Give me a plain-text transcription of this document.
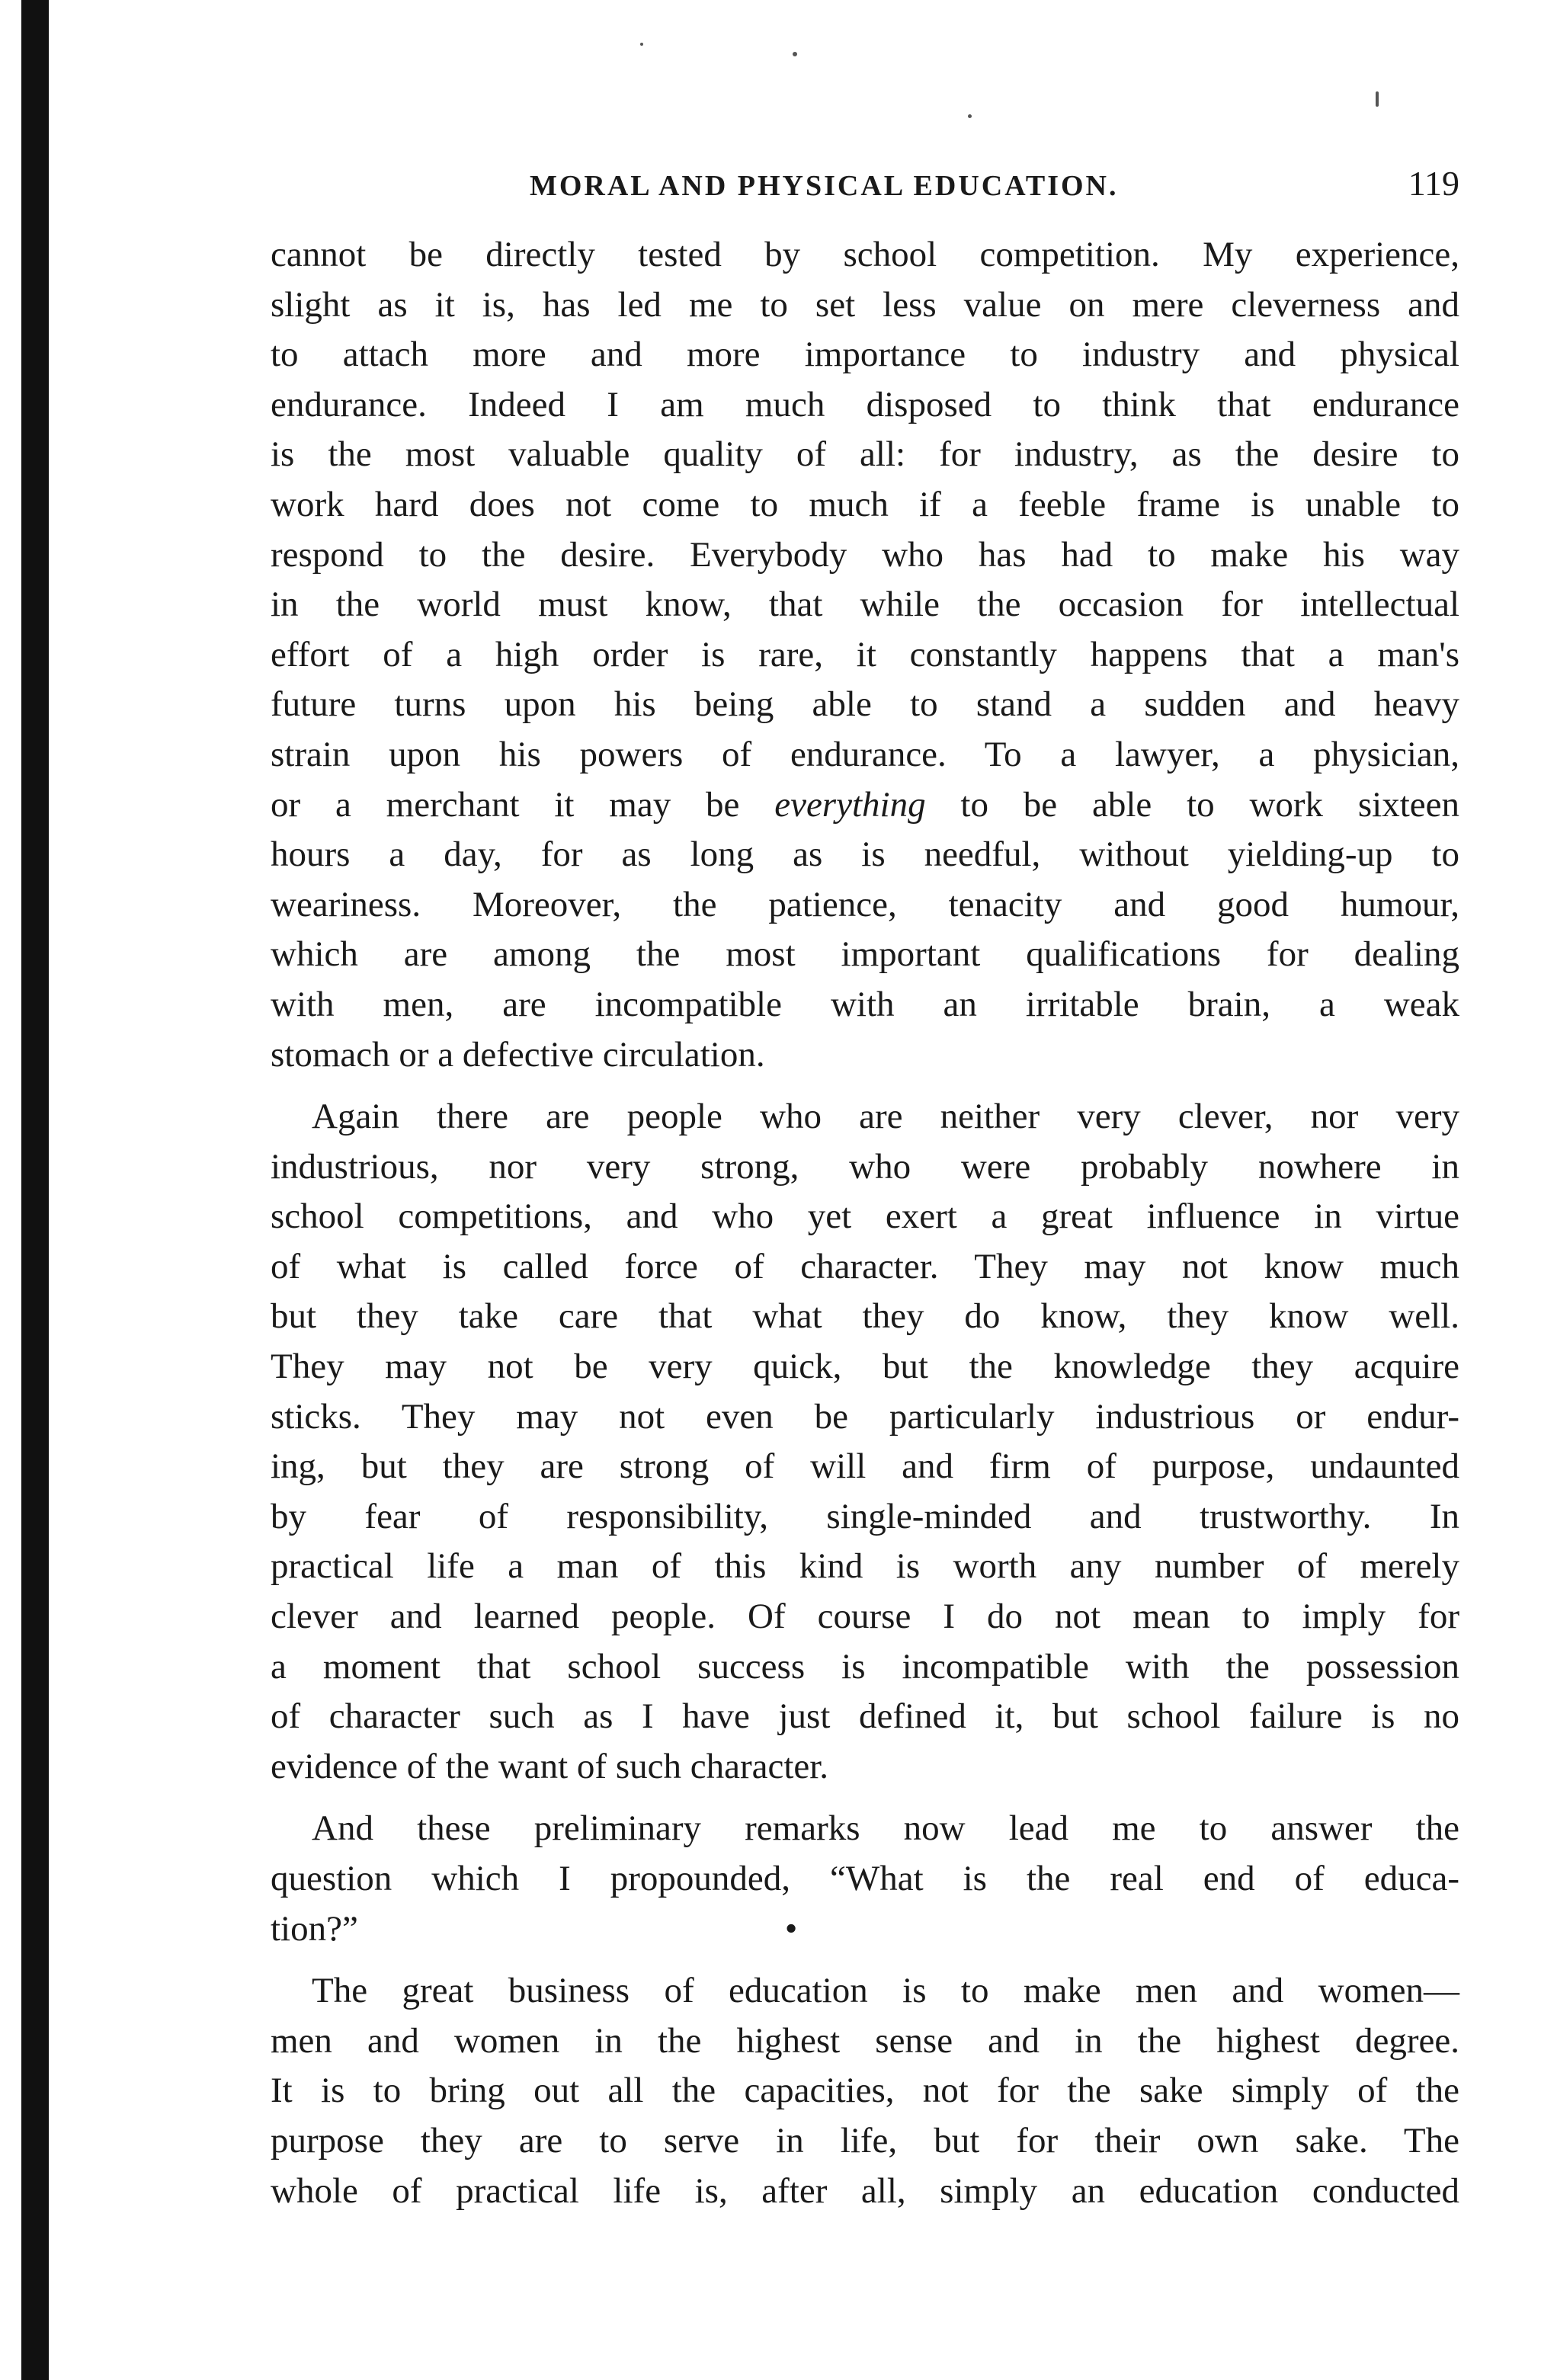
MORAL AND PHYSICAL EDUCATION.	119

cannot be directly tested by school competition. My experience,
slight as it is, has led me to set less value on mere cleverness and
to attach more and more importance to industry and physical
endurance. Indeed I am much disposed to think that endurance
is the most valuable quality of all: for industry, as the desire to
work hard does not come to much if a feeble frame is unable to
respond to the desire. Everybody who has had to make his way
in the world must know, that while the occasion for intellectual
effort of a high order is rare, it constantly happens that a man's
future turns upon his being able to stand a sudden and heavy
strain upon his powers of endurance. To a lawyer, a physician,
or a merchant it may be everything to be able to work sixteen
hours a day, for as long as is needful, without yielding-up to
weariness. Moreover, the patience, tenacity and good humour,
which are among the most important qualifications for dealing
with men, are incompatible with an irritable brain, a weak
stomach or a defective circulation.

Again there are people who are neither very clever, nor very
industrious, nor very strong, who were probably nowhere in
school competitions, and who yet exert a great influence in virtue
of what is called force of character. They may not know much
but they take care that what they do know, they know well.
They may not be very quick, but the knowledge they acquire
sticks. They may not even be particularly industrious or endur-
ing, but they are strong of will and firm of purpose, undaunted
by fear of responsibility, single-minded and trustworthy. In
practical life a man of this kind is worth any number of merely
clever and learned people. Of course I do not mean to imply for
a moment that school success is incompatible with the possession
of character such as I have just defined it, but school failure is no
evidence of the want of such character.

And these preliminary remarks now lead me to answer the
question which I propounded, “What is the real end of educa-
tion?”	•

The great business of education is to make men and women—
men and women in the highest sense and in the highest degree.
It is to bring out all the capacities, not for the sake simply of the
purpose they are to serve in life, but for their own sake. The
whole of practical life is, after all, simply an education conducted
